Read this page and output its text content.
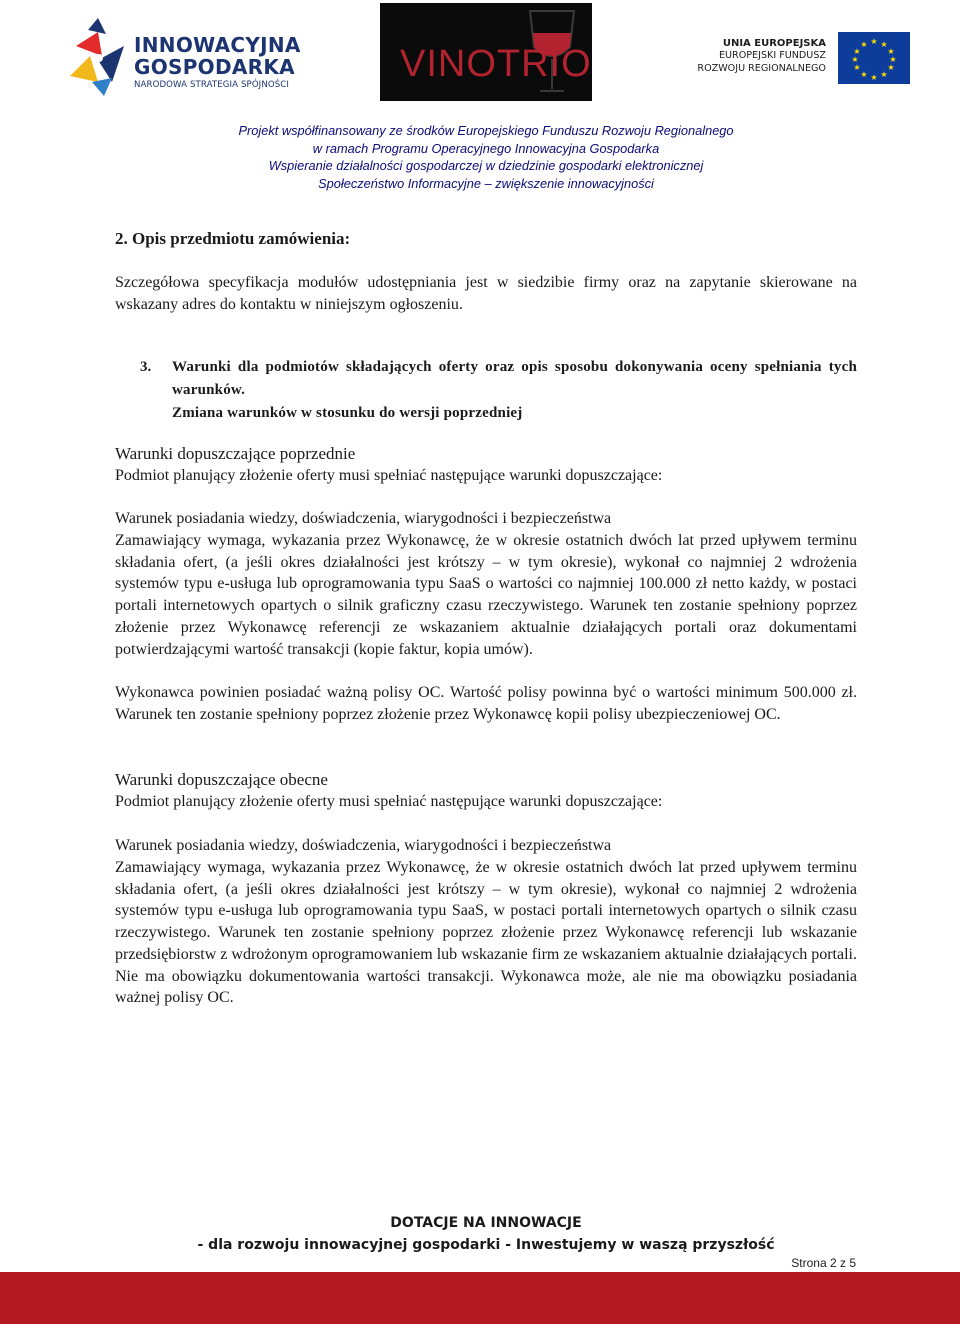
INNOWACYJNA
GOSPODARKA
NARODOWA STRATEGIA SPÓJNOŚCI	VINOTRIO	UNIA EUROPEJSKA
EUROPEJSKI FUNDUSZ
ROZWOJU REGIONALNEGO
★ ★
★
★
★
★
★
★
★
★
★
★
Projekt współfinansowany ze środków Europejskiego Funduszu Rozwoju Regionalnego
w ramach Programu Operacyjnego Innowacyjna Gospodarka
Wspieranie działalności gospodarczej w dziedzinie gospodarki elektronicznej
Społeczeństwo Informacyjne – zwiększenie innowacyjności
2. Opis przedmiotu zamówienia:

Szczegółowa specyfikacja modułów udostępniania jest w siedzibie firmy oraz na zapytanie skierowane na wskazany adres do kontaktu w niniejszym ogłoszeniu.

3. Warunki dla podmiotów składających oferty oraz opis sposobu dokonywania oceny spełniania tych warunków.
Zmiana warunków w stosunku do wersji poprzedniej
Warunki dopuszczające poprzednie
Podmiot planujący złożenie oferty musi spełniać następujące warunki dopuszczające:
Warunek posiadania wiedzy, doświadczenia, wiarygodności i bezpieczeństwa

Zamawiający wymaga, wykazania przez Wykonawcę, że w okresie ostatnich dwóch lat przed upływem terminu składania ofert, (a jeśli okres działalności jest krótszy – w tym okresie), wykonał co najmniej 2 wdrożenia systemów typu e-usługa lub oprogramowania typu SaaS o wartości co najmniej 100.000 zł netto każdy, w postaci portali internetowych opartych o silnik graficzny czasu rzeczywistego. Warunek ten zostanie spełniony poprzez złożenie przez Wykonawcę referencji ze wskazaniem aktualnie działających portali oraz dokumentami potwierdzającymi wartość transakcji (kopie faktur, kopia umów).

Wykonawca powinien posiadać ważną polisy OC. Wartość polisy powinna być o wartości minimum 500.000 zł. Warunek ten zostanie spełniony poprzez złożenie przez Wykonawcę kopii polisy ubezpieczeniowej OC.

Warunki dopuszczające obecne
Podmiot planujący złożenie oferty musi spełniać następujące warunki dopuszczające:
Warunek posiadania wiedzy, doświadczenia, wiarygodności i bezpieczeństwa

Zamawiający wymaga, wykazania przez Wykonawcę, że w okresie ostatnich dwóch lat przed upływem terminu składania ofert, (a jeśli okres działalności jest krótszy – w tym okresie), wykonał co najmniej 2 wdrożenia systemów typu e-usługa lub oprogramowania typu SaaS, w postaci portali internetowych opartych o silnik czasu rzeczywistego. Warunek ten zostanie spełniony poprzez złożenie przez Wykonawcę referencji lub wskazanie przedsiębiorstw z wdrożonym oprogramowaniem lub wskazanie firm ze wskazaniem aktualnie działających portali. Nie ma obowiązku dokumentowania wartości transakcji. Wykonawca może, ale nie ma obowiązku posiadania ważnej polisy OC.

DOTACJE NA INNOWACJE
- dla rozwoju innowacyjnej gospodarki - Inwestujemy w waszą przyszłość
Strona 2 z 5
